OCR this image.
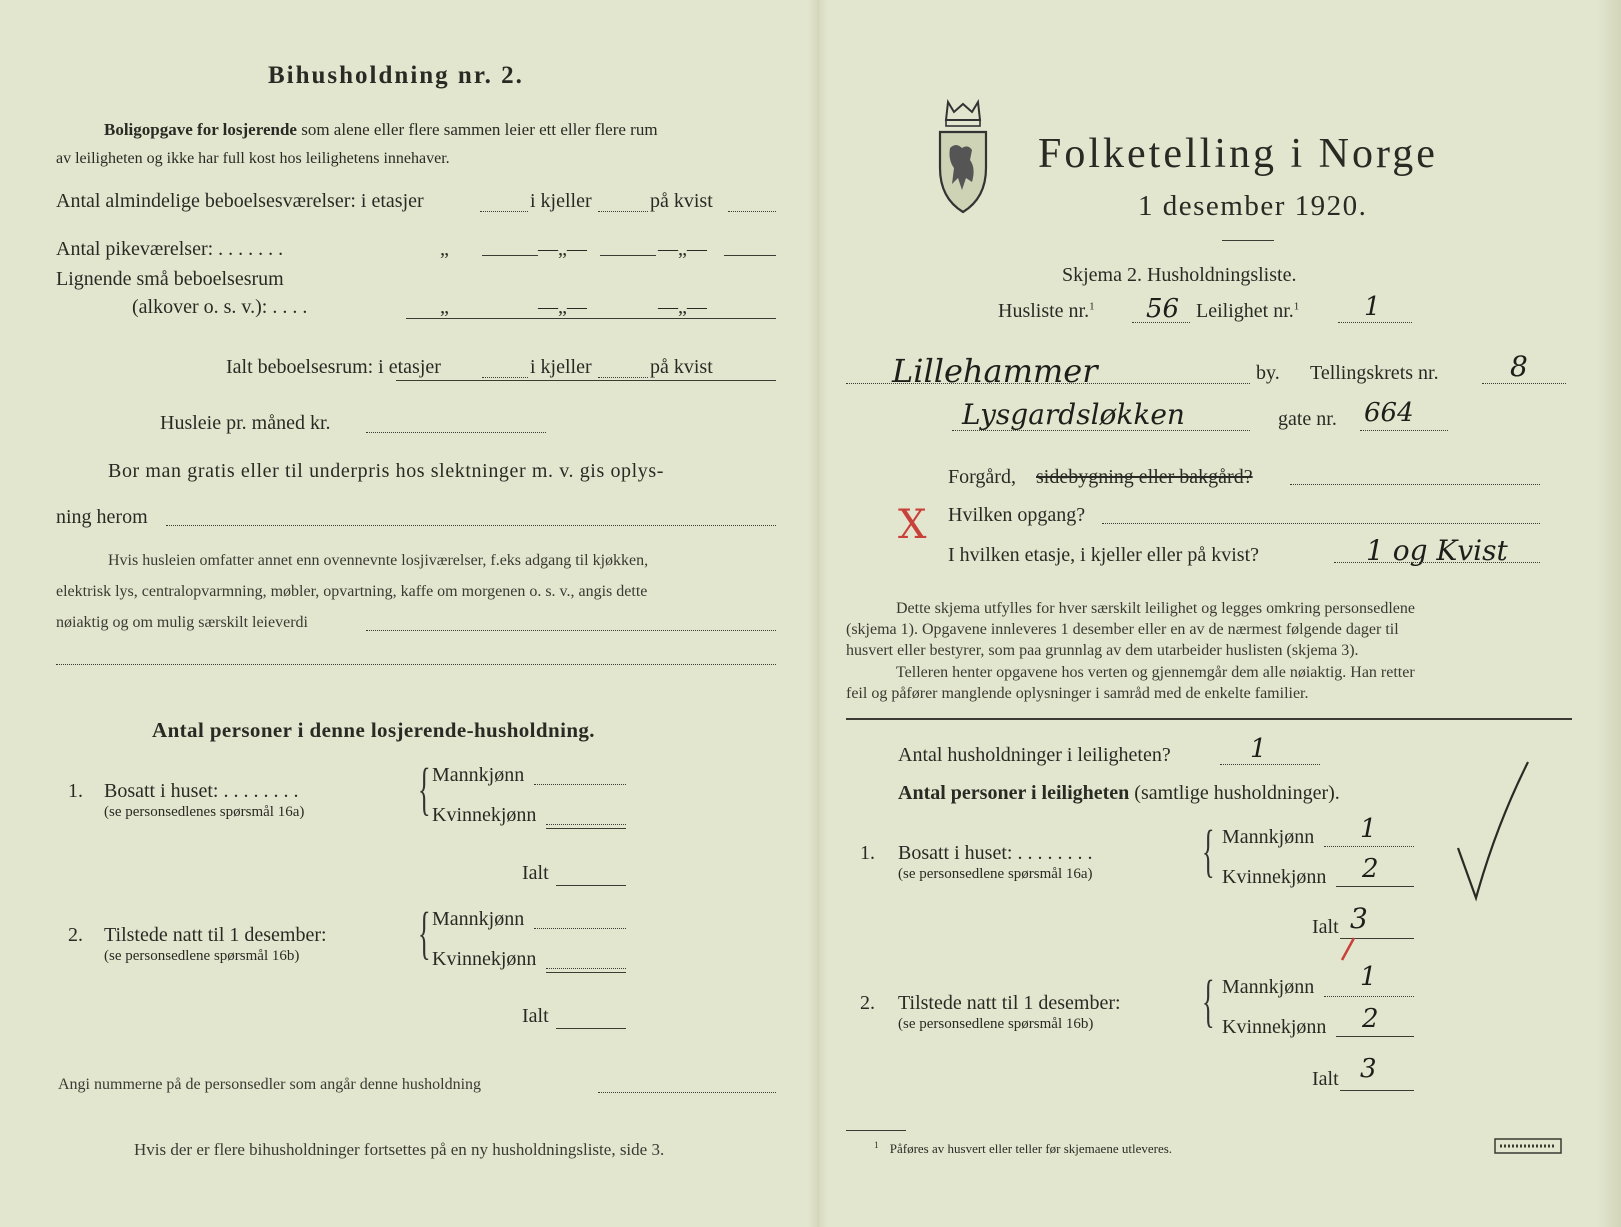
Bihusholdning nr. 2.
Boligopgave for losjerende som alene eller flere sammen leier ett eller flere rum
av leiligheten og ikke har full kost hos leilighetens innehaver.
Antal almindelige beboelsesværelser: i etasjer	i kjeller	på kvist
Antal pikeværelser: . . . . . . .	„	—„—	—„—
Lignende små beboelsesrum
(alkover o. s. v.): . . . .	„	—„—	—„—
Ialt beboelsesrum: i etasjer	i kjeller	på kvist
Husleie pr. måned kr.
Bor man gratis eller til underpris hos slektninger m. v. gis oplys-
ning herom
Hvis husleien omfatter annet enn ovennevnte losjiværelser, f.eks adgang til kjøkken,
elektrisk lys, centralopvarmning, møbler, opvartning, kaffe om morgenen o. s. v., angis dette
nøiaktig og om mulig særskilt leieverdi
Antal personer i denne losjerende-husholdning.
1. Bosatt i huset: . . . . . . . .
(se personsedlenes spørsmål 16a) { Mannkjønn
Kvinnekjønn
Ialt
2. Tilstede natt til 1 desember:
(se personsedlene spørsmål 16b) { Mannkjønn
Kvinnekjønn
Ialt
Angi nummerne på de personsedler som angår denne husholdning
Hvis der er flere bihusholdninger fortsettes på en ny husholdningsliste, side 3.
Folketelling i Norge
1 desember 1920.
Skjema 2. Husholdningsliste.
Husliste nr.$^1$ 56 Leilighet nr.$^1$ 1
Lillehammer	by. Tellingskrets nr.	8
Lysgardsløkken	gate nr. 664
Forgård, sidebygning eller bakgård?
X Hvilken opgang?
I hvilken etasje, i kjeller eller på kvist?	1 og Kvist
Dette skjema utfylles for hver særskilt leilighet og legges omkring personsedlene
(skjema 1). Opgavene innleveres 1 desember eller en av de nærmest følgende dager til
husvert eller bestyrer, som paa grunnlag av dem utarbeider huslisten (skjema 3).
Telleren henter opgavene hos verten og gjennemgår dem alle nøiaktig. Han retter
feil og påfører manglende oplysninger i samråd med de enkelte familier.
Antal husholdninger i leiligheten?	1
Antal personer i leiligheten (samtlige husholdninger).
1. Bosatt i huset: . . . . . . . .
(se personsedlene spørsmål 16a) { Mannkjønn 1
Kvinnekjønn 2
Ialt 3
2. Tilstede natt til 1 desember:
(se personsedlene spørsmål 16b) { Mannkjønn 1
Kvinnekjønn 2
Ialt 3
$^1$ Påføres av husvert eller teller før skjemaene utleveres.
